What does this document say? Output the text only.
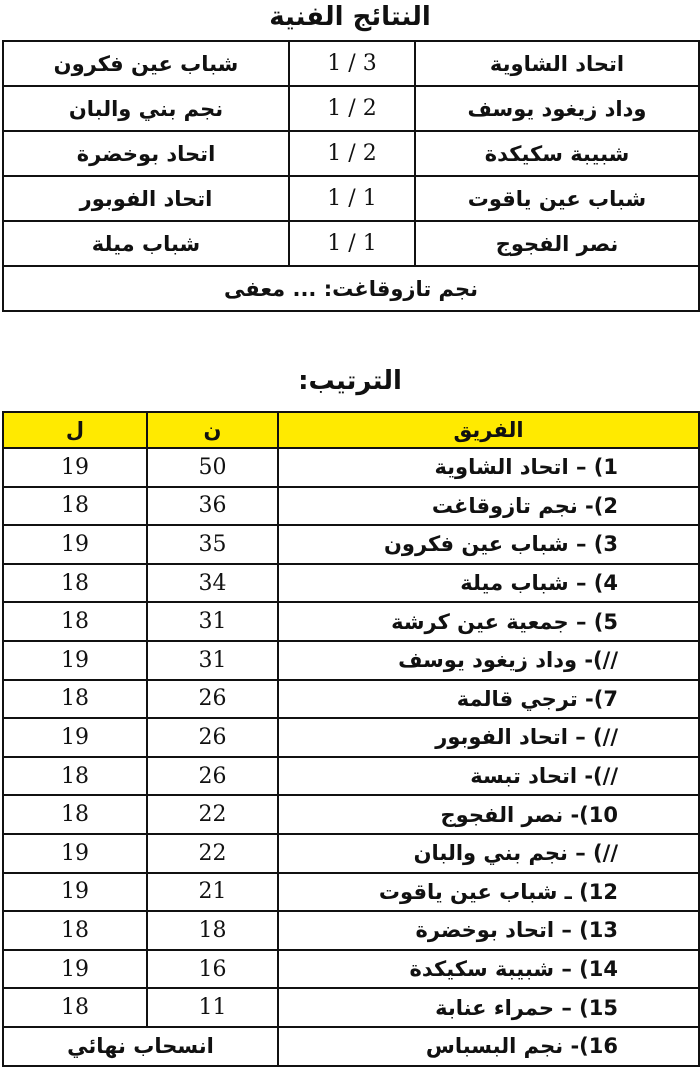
النتائج الفنية
شباب عين فكرون	3 / 1	اتحاد الشاوية
نجم بني والبان	2 / 1	وداد زيغود يوسف
اتحاد بوخضرة	2 / 1	شبيبة سكيكدة
اتحاد الفوبور	1 / 1	شباب عين ياقوت
شباب ميلة	1 / 1	نصر الفجوج
نجم تازوقاغت: ... معفى		
الترتيب:
ل	ن	الفريق
19	50	1) – اتحاد الشاوية
18	36	2)- نجم تازوقاغت
19	35	3) – شباب عين فكرون
18	34	4) – شباب ميلة
18	31	5) – جمعية عين كرشة
19	31	//)- وداد زيغود يوسف
18	26	7)- ترجي قالمة
19	26	//) – اتحاد الفوبور
18	26	//)- اتحاد تبسة
18	22	10)- نصر الفجوج
19	22	//) – نجم بني والبان
19	21	12) ـ شباب عين ياقوت
18	18	13) – اتحاد بوخضرة
19	16	14) – شبيبة سكيكدة
18	11	15) – حمراء عنابة
انسحاب نهائي		16)- نجم البسباس
